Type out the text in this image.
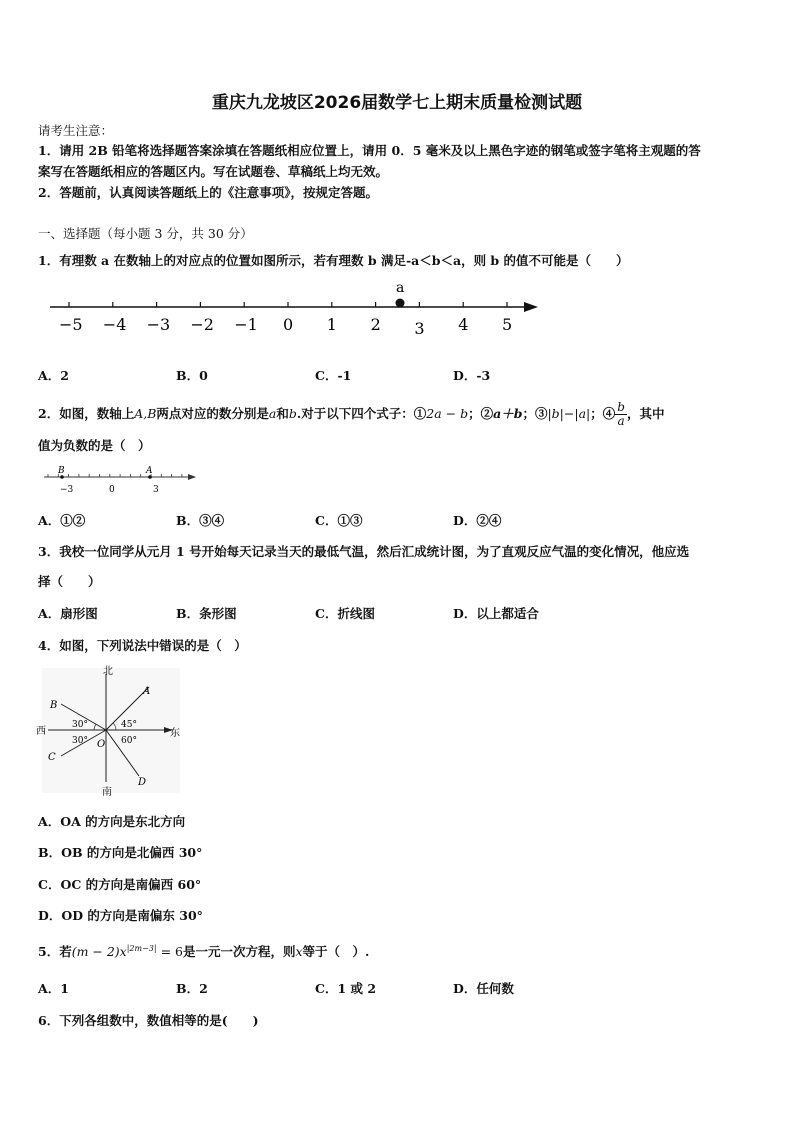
重庆九龙坡区2026届数学七上期末质量检测试题
请考生注意：
1．请用 2B 铅笔将选择题答案涂填在答题纸相应位置上，请用 0．5 毫米及以上黑色字迹的钢笔或签字笔将主观题的答
案写在答题纸相应的答题区内。写在试题卷、草稿纸上均无效。
2．答题前，认真阅读答题纸上的《注意事项》，按规定答题。
一、选择题（每小题 3 分，共 30 分）
1．有理数 a 在数轴上的对应点的位置如图所示，若有理数 b 满足-a＜b＜a，则 b 的值不可能是（　　）
−5 −4 −3 −2 −1 0 1 2 3 4 5
a
A．2	B．0	C．-1	D．-3
2．如图，数轴上A,B两点对应的数分别是a和b.对于以下四个式子：①2a − b；②a＋b；③|b|−|a|；④ $\frac{b}{a}$ ，其中
值为负数的是（　）
B	A
−3	0	3
A．①②	B．③④	C．①③	D．②④
3．我校一位同学从元月 1 号开始每天记录当天的最低气温，然后汇成统计图，为了直观反应气温的变化情况，他应选
择（　　）
A．扇形图	B．条形图	C．折线图	D．以上都适合
4．如图，下列说法中错误的是（　）
北
南
东
西
O
A
B
C
D
30°
30°
45°
60°
A．OA 的方向是东北方向
B．OB 的方向是北偏西 30°
C．OC 的方向是南偏西 60°
D．OD 的方向是南偏东 30°
5．若$(m - 2)x^{|2m-3|} = 6$是一元一次方程，则x等于（　）.
A．1	B．2	C．1 或 2	D．任何数
6．下列各组数中，数值相等的是(　　)
